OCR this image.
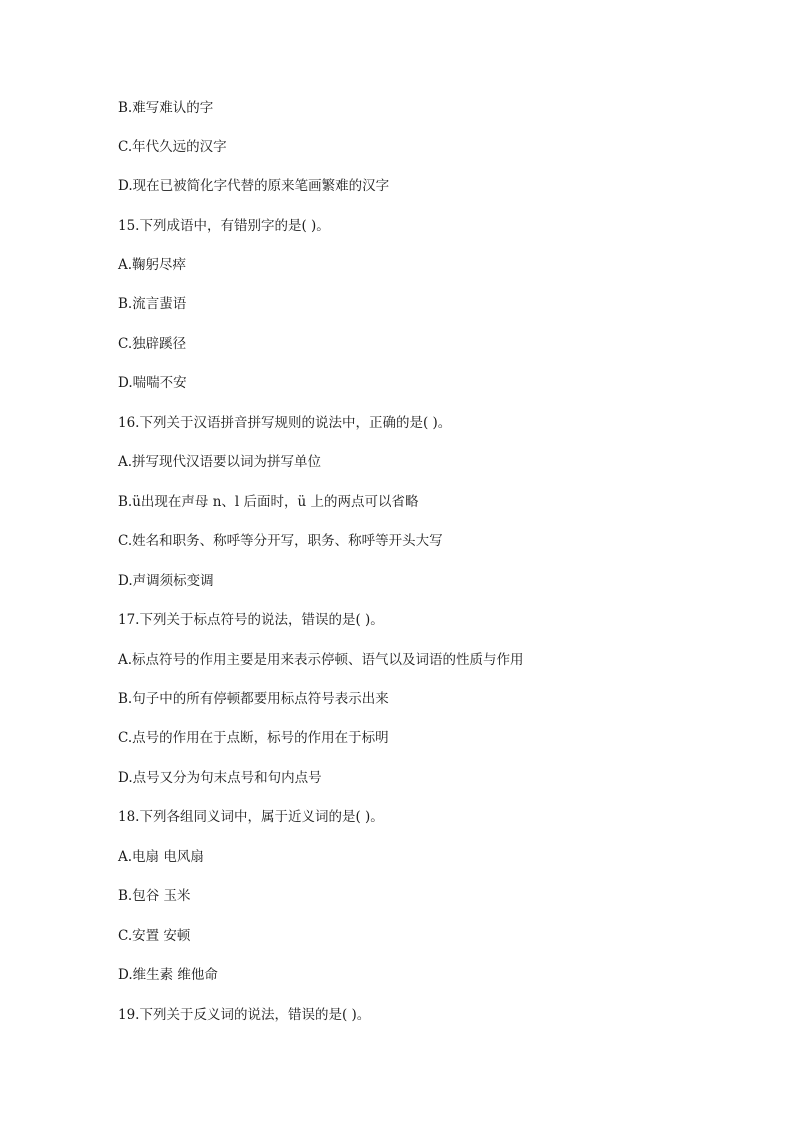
B.难写难认的字
C.年代久远的汉字
D.现在已被简化字代替的原来笔画繁难的汉字
15.下列成语中，有错别字的是( )。
A.鞠躬尽瘁
B.流言蜚语
C.独辟蹊径
D.喘喘不安
16.下列关于汉语拼音拼写规则的说法中，正确的是( )。
A.拼写现代汉语要以词为拼写单位
B.ü出现在声母 n、l 后面时，ü 上的两点可以省略
C.姓名和职务、称呼等分开写，职务、称呼等开头大写
D.声调须标变调
17.下列关于标点符号的说法，错误的是( )。
A.标点符号的作用主要是用来表示停顿、语气以及词语的性质与作用
B.句子中的所有停顿都要用标点符号表示出来
C.点号的作用在于点断，标号的作用在于标明
D.点号又分为句末点号和句内点号
18.下列各组同义词中，属于近义词的是( )。
A.电扇 电风扇
B.包谷 玉米
C.安置 安顿
D.维生素 维他命
19.下列关于反义词的说法，错误的是( )。
